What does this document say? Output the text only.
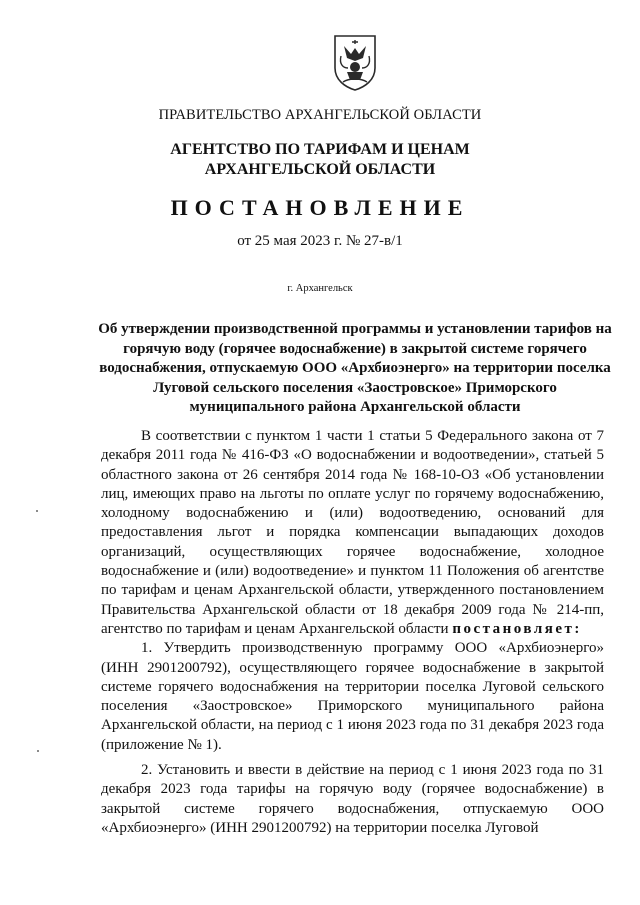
ПРАВИТЕЛЬСТВО АРХАНГЕЛЬСКОЙ ОБЛАСТИ
АГЕНТСТВО ПО ТАРИФАМ И ЦЕНАМ
АРХАНГЕЛЬСКОЙ ОБЛАСТИ
ПОСТАНОВЛЕНИЕ
от 25 мая 2023 г. № 27-в/1
г. Архангельск
Об утверждении производственной программы и установлении тарифов на горячую воду (горячее водоснабжение) в закрытой системе горячего водоснабжения, отпускаемую ООО «Архбиоэнерго» на территории поселка Луговой сельского поселения «Заостровское» Приморского муниципального района Архангельской области

В соответствии с пунктом 1 части 1 статьи 5 Федерального закона от 7 декабря 2011 года № 416-ФЗ «О водоснабжении и водоотведении», статьей 5 областного закона от 26 сентября 2014 года № 168-10-ОЗ «Об установлении лиц, имеющих право на льготы по оплате услуг по горячему водоснабжению, холодному водоснабжению и (или) водоотведению, оснований для предоставления льгот и порядка компенсации выпадающих доходов организаций, осуществляющих горячее водоснабжение, холодное водоснабжение и (или) водоотведение» и пунктом 11 Положения об агентстве по тарифам и ценам Архангельской области, утвержденного постановлением Правительства Архангельской области от 18 декабря 2009 года № 214-пп, агентство по тарифам и ценам Архангельской области постановляет:

1. Утвердить производственную программу ООО «Архбиоэнерго» (ИНН 2901200792), осуществляющего горячее водоснабжение в закрытой системе горячего водоснабжения на территории поселка Луговой сельского поселения «Заостровское» Приморского муниципального района Архангельской области, на период с 1 июня 2023 года по 31 декабря 2023 года (приложение № 1).

2. Установить и ввести в действие на период с 1 июня 2023 года по 31 декабря 2023 года тарифы на горячую воду (горячее водоснабжение) в закрытой системе горячего водоснабжения, отпускаемую ООО «Архбиоэнерго» (ИНН 2901200792) на территории поселка Луговой
